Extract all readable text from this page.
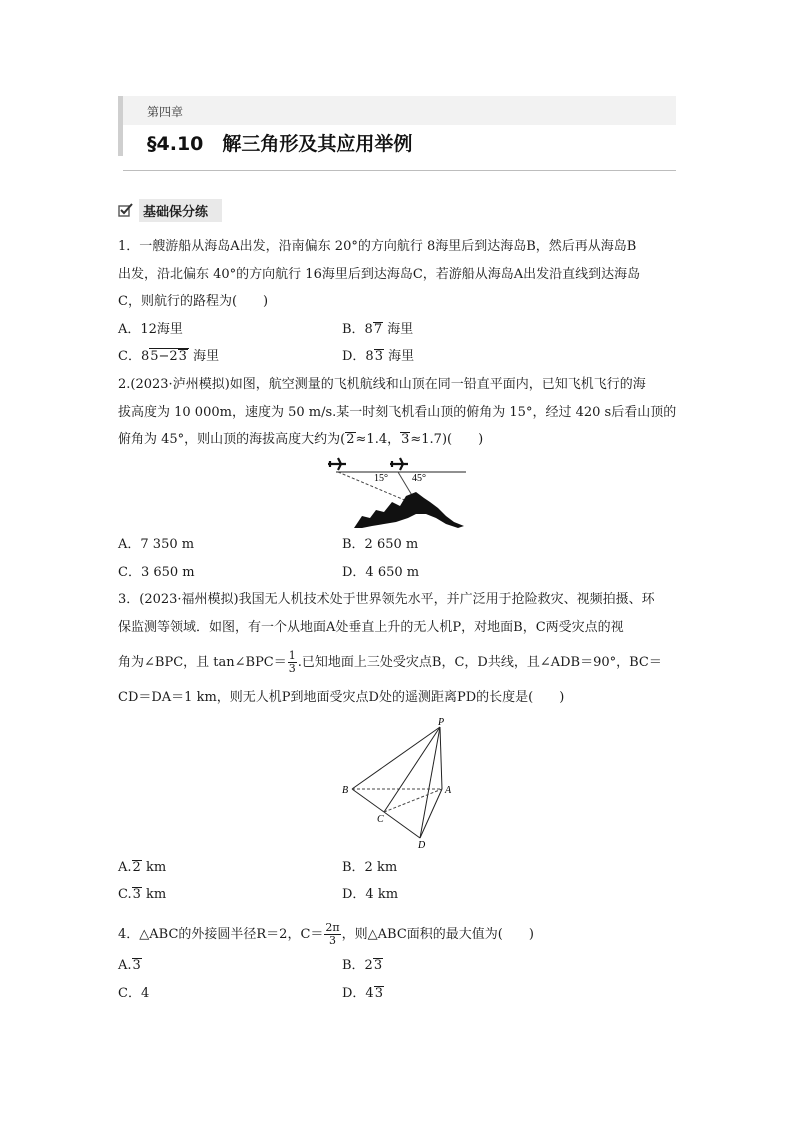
第四章
§4.10　解三角形及其应用举例
基础保分练
1．一艘游船从海岛A出发，沿南偏东 20°的方向航行 8海里后到达海岛B，然后再从海岛B
出发，沿北偏东 40°的方向航行 16海里后到达海岛C，若游船从海岛A出发沿直线到达海岛
C，则航行的路程为(　　)
A．12海里	B．87 海里
C．85−23 海里	D．83 海里
2.(2023·泸州模拟)如图，航空测量的飞机航线和山顶在同一铅直平面内，已知飞机飞行的海
拔高度为 10 000m，速度为 50 m/s.某一时刻飞机看山顶的俯角为 15°，经过 420 s后看山顶的
俯角为 45°，则山顶的海拔高度大约为(2≈1.4，3≈1.7)(　　)
15° 45°
A．7 350 m	B．2 650 m
C．3 650 m	D．4 650 m
3．(2023·福州模拟)我国无人机技术处于世界领先水平，并广泛用于抢险救灾、视频拍摄、环
保监测等领域．如图，有一个从地面A处垂直上升的无人机P，对地面B，C两受灾点的视
角为∠BPC，且 tan∠BPC＝ $\frac{1}{3}$ .已知地面上三处受灾点B，C，D共线，且∠ADB＝90°，BC＝
CD＝DA＝1 km，则无人机P到地面受灾点D处的遥测距离PD的长度是(　　)
P
B	A
C
D
A.2 km	B．2 km
C.3 km	D．4 km
4．△ABC的外接圆半径R＝2，$C= \frac{2\pi}{3}$ ，则△ABC面积的最大值为(　　)
A.3	B．23
C．4	D．43
